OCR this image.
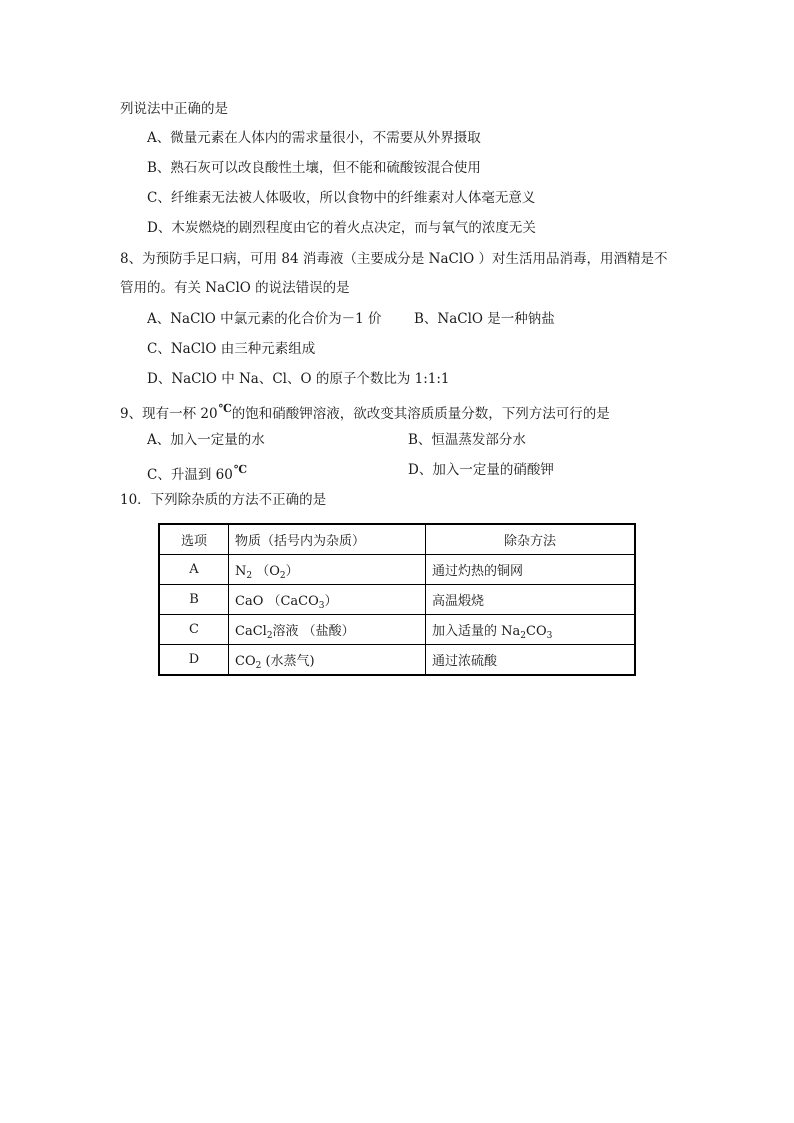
列说法中正确的是
A、微量元素在人体内的需求量很小，不需要从外界摄取
B、熟石灰可以改良酸性土壤，但不能和硫酸铵混合使用
C、纤维素无法被人体吸收，所以食物中的纤维素对人体毫无意义
D、木炭燃烧的剧烈程度由它的着火点决定，而与氧气的浓度无关
8、为预防手足口病，可用 84 消毒液（主要成分是 NaClO ）对生活用品消毒，用酒精是不
管用的。有关 NaClO 的说法错误的是
A、NaClO 中氯元素的化合价为－1 价 B、NaClO 是一种钠盐
C、NaClO 由三种元素组成
D、NaClO 中 Na、Cl、O 的原子个数比为 1:1:1
9、现有一杯 20℃的饱和硝酸钾溶液，欲改变其溶质质量分数，下列方法可行的是
A、加入一定量的水	B、恒温蒸发部分水
C、升温到 60℃	D、加入一定量的硝酸钾
10．下列除杂质的方法不正确的是
选项	物质（括号内为杂质）	除杂方法
A	$N_2$ $(O_2)$	通过灼热的铜网
B	CaO （CaCO$_3$）	高温煅烧
C	CaCl$_2$溶液 （盐酸）	加入适量的 $Na_2CO_3$
D	$CO_2$ (水蒸气)	通过浓硫酸
